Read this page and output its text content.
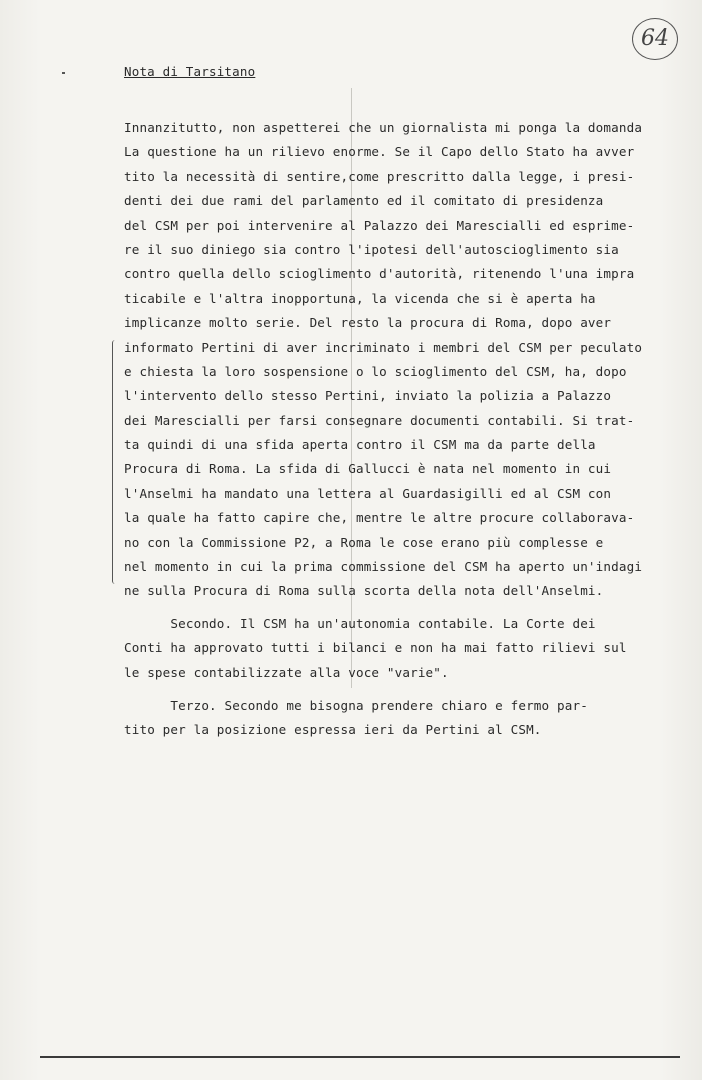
64
Nota di Tarsitano
Innanzitutto, non aspetterei che un giornalista mi ponga la domanda
La questione ha un rilievo enorme. Se il Capo dello Stato ha avver
tito la necessità di sentire,come prescritto dalla legge, i presi-
denti dei due rami del parlamento ed il comitato di presidenza
del CSM per poi intervenire al Palazzo dei Marescialli ed esprime-
re il suo diniego sia contro l'ipotesi dell'autoscioglimento sia
contro quella dello scioglimento d'autorità, ritenendo l'una impra
ticabile e l'altra inopportuna, la vicenda che si è aperta ha
implicanze molto serie. Del resto la procura di Roma, dopo aver
informato Pertini di aver incriminato i membri del CSM per peculato
e chiesta la loro sospensione o lo scioglimento del CSM, ha, dopo
l'intervento dello stesso Pertini, inviato la polizia a Palazzo
dei Marescialli per farsi consegnare documenti contabili. Si trat-
ta quindi di una sfida aperta contro il CSM ma da parte della
Procura di Roma. La sfida di Gallucci è nata nel momento in cui
l'Anselmi ha mandato una lettera al Guardasigilli ed al CSM con
la quale ha fatto capire che, mentre le altre procure collaborava-
no con la Commissione P2, a Roma le cose erano più complesse e
nel momento in cui la prima commissione del CSM ha aperto un'indagi
ne sulla Procura di Roma sulla scorta della nota dell'Anselmi.
Secondo. Il CSM ha un'autonomia contabile. La Corte dei
Conti ha approvato tutti i bilanci e non ha mai fatto rilievi sul
le spese contabilizzate alla voce "varie".
Terzo. Secondo me bisogna prendere chiaro e fermo par-
tito per la posizione espressa ieri da Pertini al CSM.
